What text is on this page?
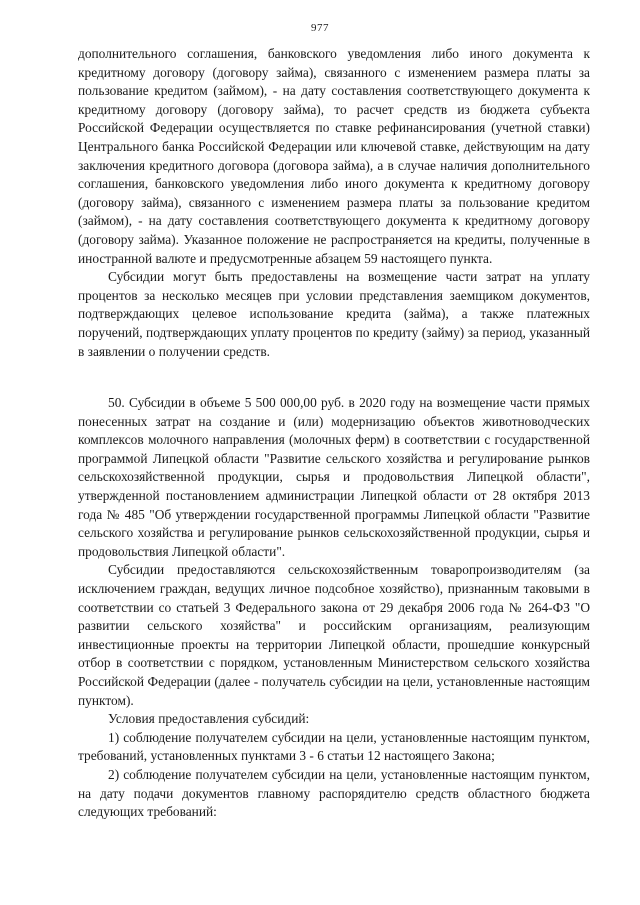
977

дополнительного соглашения, банковского уведомления либо иного документа к кредитному договору (договору займа), связанного с изменением размера платы за пользование кредитом (займом), - на дату составления соответствующего документа к кредитному договору (договору займа), то расчет средств из бюджета субъекта Российской Федерации осуществляется по ставке рефинансирования (учетной ставки) Центрального банка Российской Федерации или ключевой ставке, действующим на дату заключения кредитного договора (договора займа), а в случае наличия дополнительного соглашения, банковского уведомления либо иного документа к кредитному договору (договору займа), связанного с изменением размера платы за пользование кредитом (займом), - на дату составления соответствующего документа к кредитному договору (договору займа). Указанное положение не распространяется на кредиты, полученные в иностранной валюте и предусмотренные абзацем 59 настоящего пункта.

Субсидии могут быть предоставлены на возмещение части затрат на уплату процентов за несколько месяцев при условии представления заемщиком документов, подтверждающих целевое использование кредита (займа), а также платежных поручений, подтверждающих уплату процентов по кредиту (займу) за период, указанный в заявлении о получении средств.

50. Субсидии в объеме 5 500 000,00 руб. в 2020 году на возмещение части прямых понесенных затрат на создание и (или) модернизацию объектов животноводческих комплексов молочного направления (молочных ферм) в соответствии с государственной программой Липецкой области "Развитие сельского хозяйства и регулирование рынков сельскохозяйственной продукции, сырья и продовольствия Липецкой области", утвержденной постановлением администрации Липецкой области от 28 октября 2013 года № 485 "Об утверждении государственной программы Липецкой области "Развитие сельского хозяйства и регулирование рынков сельскохозяйственной продукции, сырья и продовольствия Липецкой области".

Субсидии предоставляются сельскохозяйственным товаропроизводителям (за исключением граждан, ведущих личное подсобное хозяйство), признанным таковыми в соответствии со статьей 3 Федерального закона от 29 декабря 2006 года № 264-ФЗ "О развитии сельского хозяйства" и российским организациям, реализующим инвестиционные проекты на территории Липецкой области, прошедшие конкурсный отбор в соответствии с порядком, установленным Министерством сельского хозяйства Российской Федерации (далее - получатель субсидии на цели, установленные настоящим пунктом).

Условия предоставления субсидий:

1) соблюдение получателем субсидии на цели, установленные настоящим пунктом, требований, установленных пунктами 3 - 6 статьи 12 настоящего Закона;

2) соблюдение получателем субсидии на цели, установленные настоящим пунктом, на дату подачи документов главному распорядителю средств областного бюджета следующих требований:
